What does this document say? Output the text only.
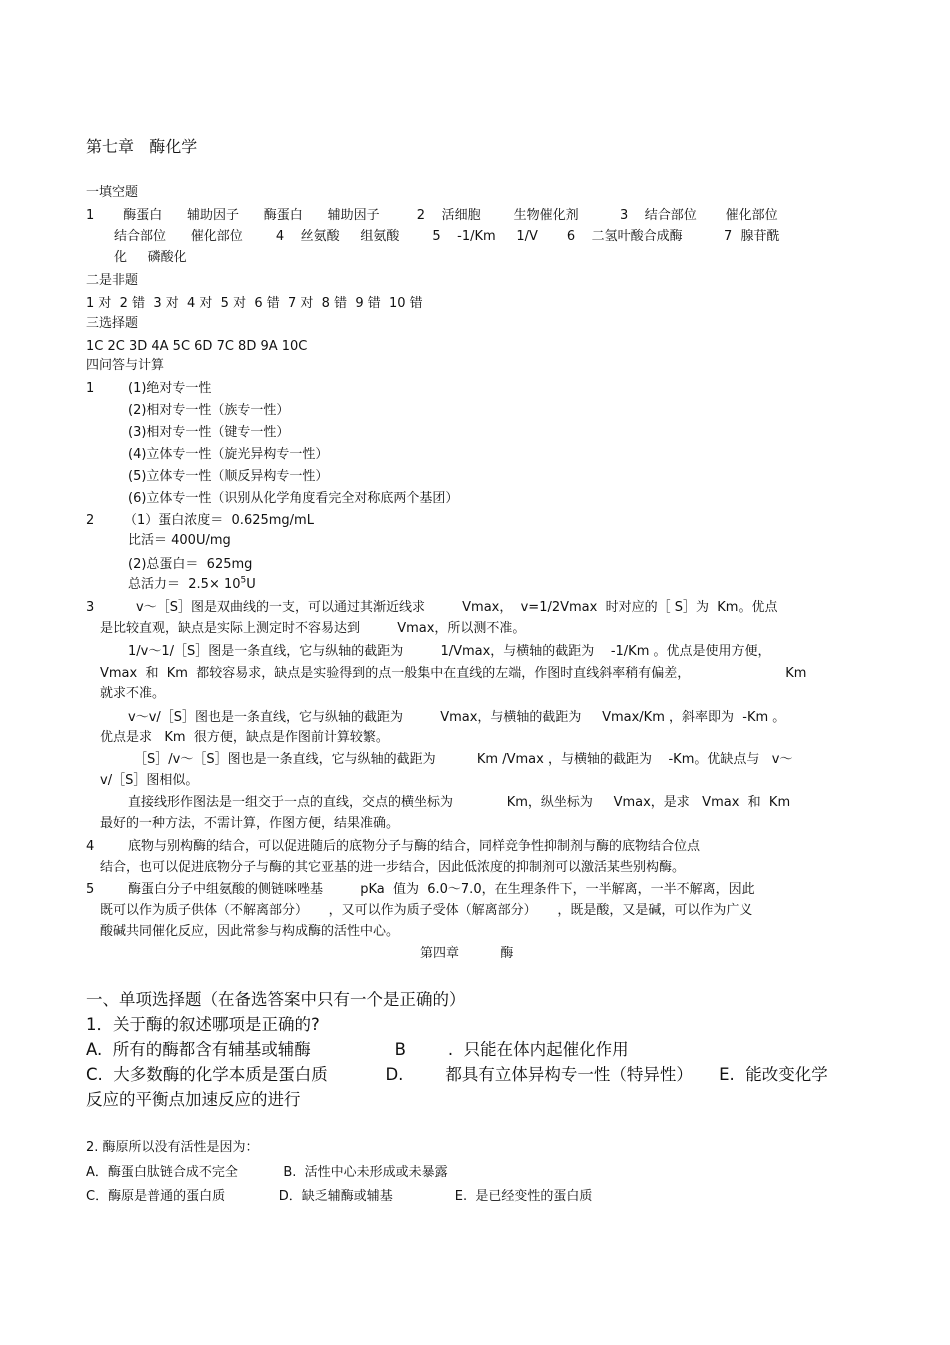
第七章   酶化学
一填空题
1       酶蛋白      辅助因子      酶蛋白      辅助因子         2    活细胞        生物催化剂          3    结合部位       催化部位
结合部位      催化部位        4    丝氨酸     组氨酸        5    -1/Km     1/V       6    二氢叶酸合成酶          7  腺苷酰
化     磷酸化
二是非题
1 对  2 错  3 对  4 对  5 对  6 错  7 对  8 错  9 错  10 错
三选择题
1C 2C 3D 4A 5C 6D 7C 8D 9A 10C
四问答与计算
1	(1)绝对专一性
(2)相对专一性（族专一性）
(3)相对专一性（键专一性）
(4)立体专一性（旋光异构专一性）
(5)立体专一性（顺反异构专一性）
(6)立体专一性（识别从化学角度看完全对称底两个基团）
2 （1）蛋白浓度＝  0.625mg/mL
比活＝ 400U/mg
(2)总蛋白＝  625mg
总活力＝  $2.5\times 10^5U$
3	v～［S］图是双曲线的一支，可以通过其渐近线求         Vmax，  v=1/2Vmax  时对应的［ S］为  Km。优点
是比较直观，缺点是实际上测定时不容易达到         Vmax，所以测不准。
1/v～1/［S］图是一条直线，它与纵轴的截距为         1/Vmax，与横轴的截距为    -1/Km 。优点是使用方便，
Vmax  和  Km  都较容易求，缺点是实验得到的点一般集中在直线的左端，作图时直线斜率稍有偏差，                       Km
就求不准。
v～v/［S］图也是一条直线，它与纵轴的截距为         Vmax，与横轴的截距为     Vmax/Km ，斜率即为  -Km 。
优点是求   Km  很方便，缺点是作图前计算较繁。
［S］/v～［S］图也是一条直线，它与纵轴的截距为          Km /Vmax ，与横轴的截距为    -Km。优缺点与   v～
v/［S］图相似。
直接线形作图法是一组交于一点的直线，交点的横坐标为             Km，纵坐标为     Vmax，是求   Vmax  和  Km
最好的一种方法，不需计算，作图方便，结果准确。
4	底物与别构酶的结合，可以促进随后的底物分子与酶的结合，同样竞争性抑制剂与酶的底物结合位点
结合，也可以促进底物分子与酶的其它亚基的进一步结合，因此低浓度的抑制剂可以激活某些别构酶。
5	酶蛋白分子中组氨酸的侧链咪唑基         pKa  值为  6.0～7.0，在生理条件下，一半解离，一半不解离，因此
既可以作为质子供体（不解离部分）     ，又可以作为质子受体（解离部分）     ，既是酸，又是碱，可以作为广义
酸碱共同催化反应，因此常参与构成酶的活性中心。
第四章          酶
一、单项选择题（在备选答案中只有一个是正确的）
1．关于酶的叙述哪项是正确的?
A.  所有的酶都含有辅基或辅酶                B        .  只能在体内起催化作用
C.  大多数酶的化学本质是蛋白质           D.        都具有立体异构专一性（特异性）     E.  能改变化学
反应的平衡点加速反应的进行
2. 酶原所以没有活性是因为：
A．酶蛋白肽链合成不完全           B.  活性中心未形成或未暴露
C．酶原是普通的蛋白质             D．缺乏辅酶或辅基               E.  是已经变性的蛋白质
